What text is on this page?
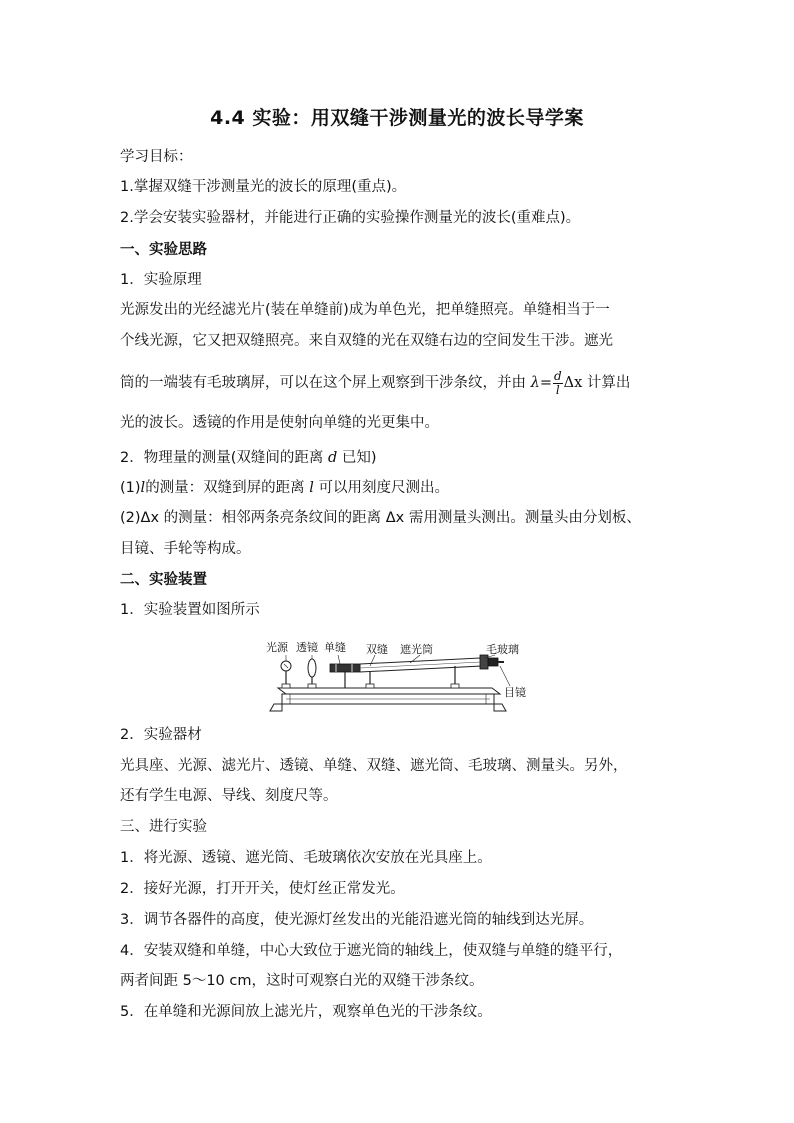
4.4 实验：用双缝干涉测量光的波长导学案
学习目标：
1.掌握双缝干涉测量光的波长的原理(重点)。
2.学会安装实验器材，并能进行正确的实验操作测量光的波长(重难点)。
一、实验思路
1．实验原理
光源发出的光经滤光片(装在单缝前)成为单色光，把单缝照亮。单缝相当于一
个线光源，它又把双缝照亮。来自双缝的光在双缝右边的空间发生干涉。遮光
筒的一端装有毛玻璃屏，可以在这个屏上观察到干涉条纹，并由 $\lambda= \frac{d}{l}$ Δx 计算出
光的波长。透镜的作用是使射向单缝的光更集中。
2．物理量的测量(双缝间的距离 d 已知)
(1)l的测量：双缝到屏的距离 l 可以用刻度尺测出。
(2)Δx 的测量：相邻两条亮条纹间的距离 Δx 需用测量头测出。测量头由分划板、
目镜、手轮等构成。
二、实验装置
1．实验装置如图所示
光源 透镜 单缝 双缝 遮光筒	毛玻璃
目镜
2．实验器材
光具座、光源、滤光片、透镜、单缝、双缝、遮光筒、毛玻璃、测量头。另外，
还有学生电源、导线、刻度尺等。
三、进行实验
1．将光源、透镜、遮光筒、毛玻璃依次安放在光具座上。
2．接好光源，打开开关，使灯丝正常发光。
3．调节各器件的高度，使光源灯丝发出的光能沿遮光筒的轴线到达光屏。
4．安装双缝和单缝，中心大致位于遮光筒的轴线上，使双缝与单缝的缝平行，
两者间距 5～10 cm，这时可观察白光的双缝干涉条纹。
5．在单缝和光源间放上滤光片，观察单色光的干涉条纹。
